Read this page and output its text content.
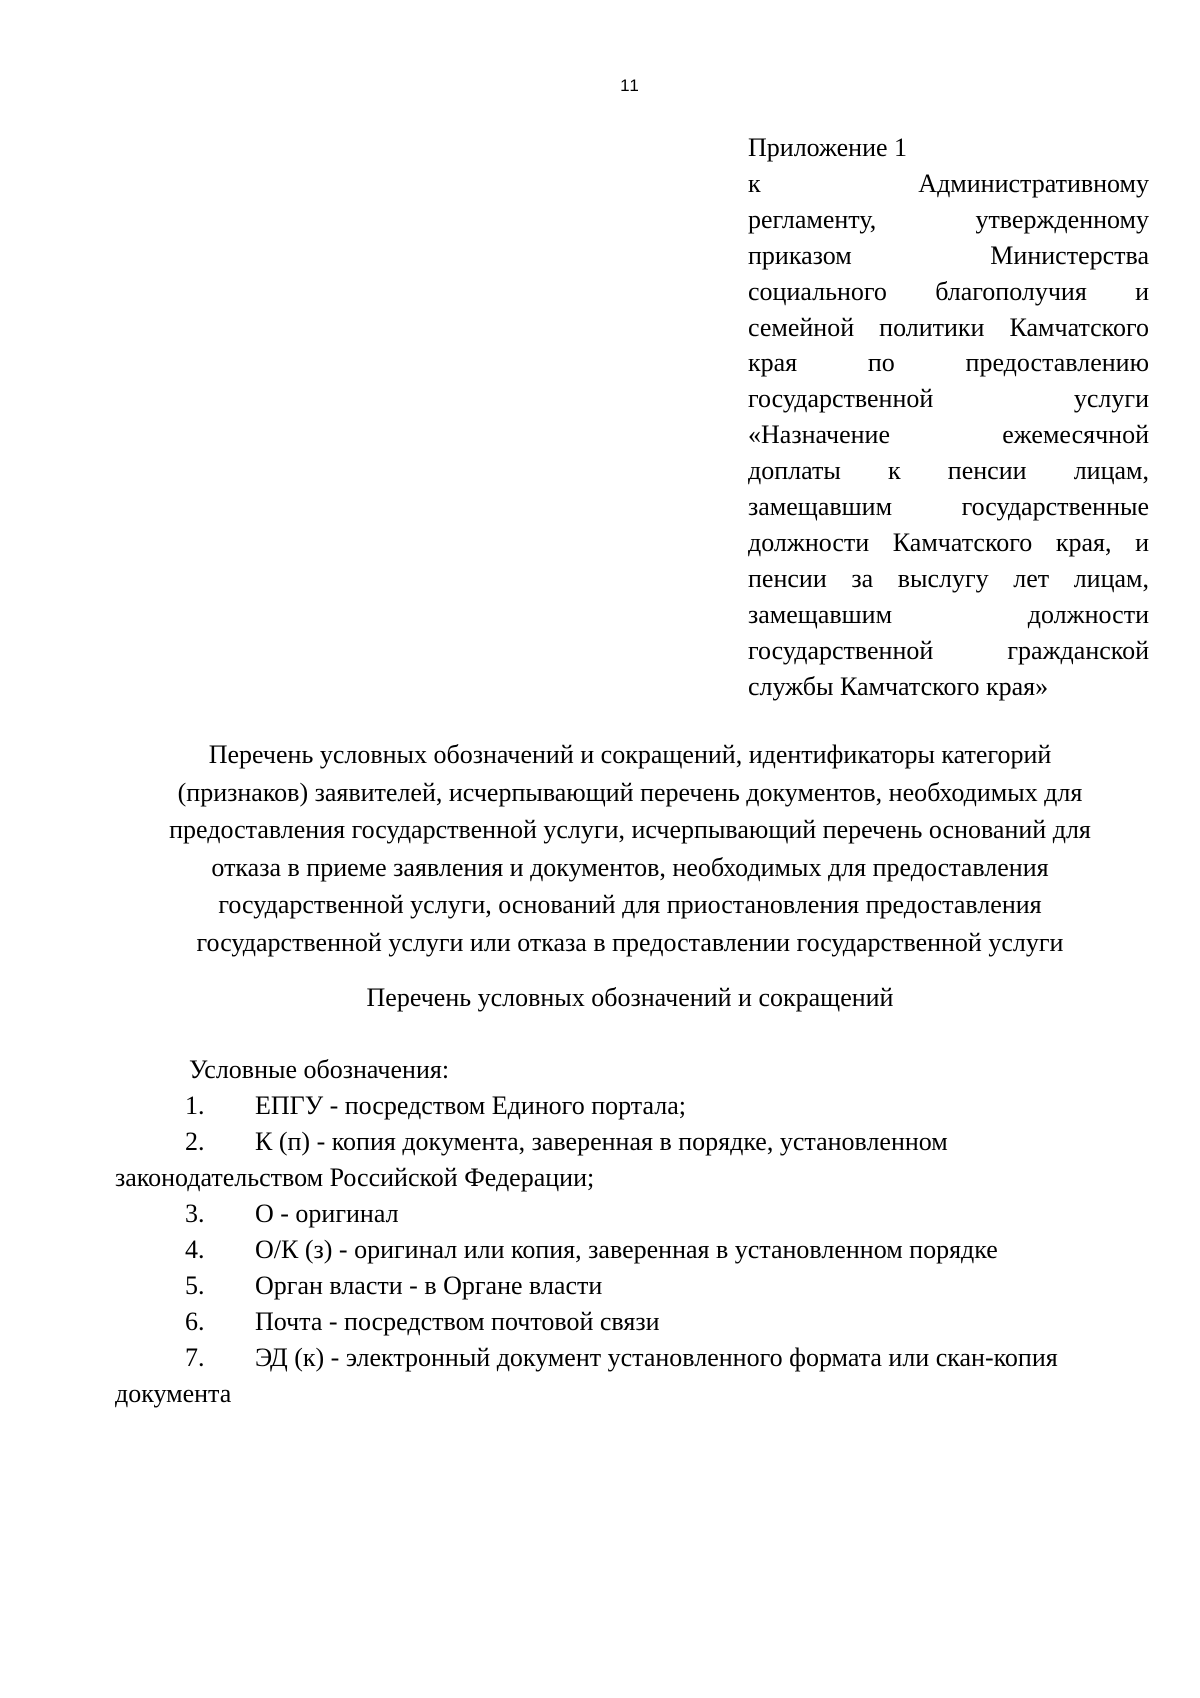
11
Приложение 1
к Административному
регламенту, утвержденному
приказом Министерства
социального благополучия и
семейной политики Камчатского
края по предоставлению
государственной услуги
«Назначение ежемесячной
доплаты к пенсии лицам,
замещавшим государственные
должности Камчатского края, и
пенсии за выслугу лет лицам,
замещавшим должности
государственной гражданской
службы Камчатского края»
Перечень условных обозначений и сокращений, идентификаторы категорий
(признаков) заявителей, исчерпывающий перечень документов, необходимых для
предоставления государственной услуги, исчерпывающий перечень оснований для
отказа в приеме заявления и документов, необходимых для предоставления
государственной услуги, оснований для приостановления предоставления
государственной услуги или отказа в предоставлении государственной услуги
Перечень условных обозначений и сокращений
Условные обозначения:
1. ЕПГУ - посредством Единого портала;
2. К (п) - копия документа, заверенная в порядке, установленном
законодательством Российской Федерации;
3. О - оригинал
4. О/К (з) - оригинал или копия, заверенная в установленном порядке
5. Орган власти - в Органе власти
6. Почта - посредством почтовой связи
7. ЭД (к) - электронный документ установленного формата или скан-копия
документа
